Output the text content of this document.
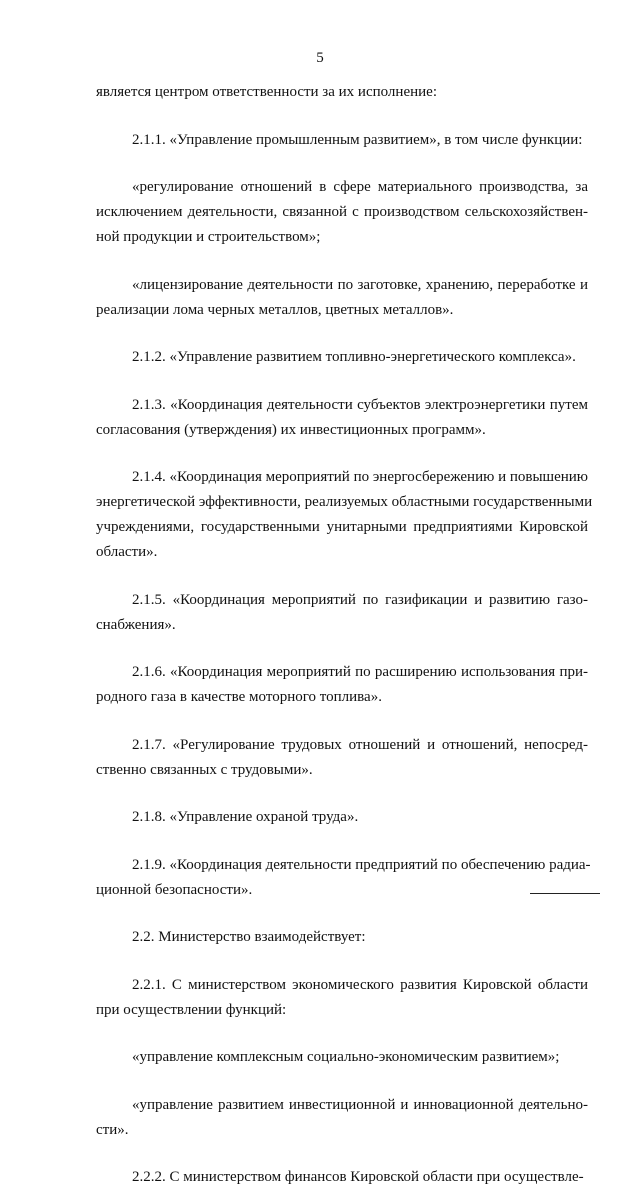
5
является центром ответственности за их исполнение:
2.1.1. «Управление промышленным развитием», в том числе функции:
«регулирование отношений в сфере материального производства, за
исключением деятельности, связанной с производством сельскохозяйствен-
ной продукции и строительством»;
«лицензирование деятельности по заготовке, хранению, переработке и
реализации лома черных металлов, цветных металлов».
2.1.2. «Управление развитием топливно-энергетического комплекса».
2.1.3. «Координация деятельности субъектов электроэнергетики путем
согласования (утверждения) их инвестиционных программ».
2.1.4. «Координация мероприятий по энергосбережению и повышению
энергетической эффективности, реализуемых областными государственными
учреждениями, государственными унитарными предприятиями Кировской
области».
2.1.5. «Координация мероприятий по газификации и развитию газо-
снабжения».
2.1.6. «Координация мероприятий по расширению использования при-
родного газа в качестве моторного топлива».
2.1.7. «Регулирование трудовых отношений и отношений, непосред-
ственно связанных с трудовыми».
2.1.8. «Управление охраной труда».
2.1.9. «Координация деятельности предприятий по обеспечению радиа-
ционной безопасности».
2.2. Министерство взаимодействует:
2.2.1. С министерством экономического развития Кировской области
при осуществлении функций:
«управление комплексным социально-экономическим развитием»;
«управление развитием инвестиционной и инновационной деятельно-
сти».
2.2.2. С министерством финансов Кировской области при осуществле-
